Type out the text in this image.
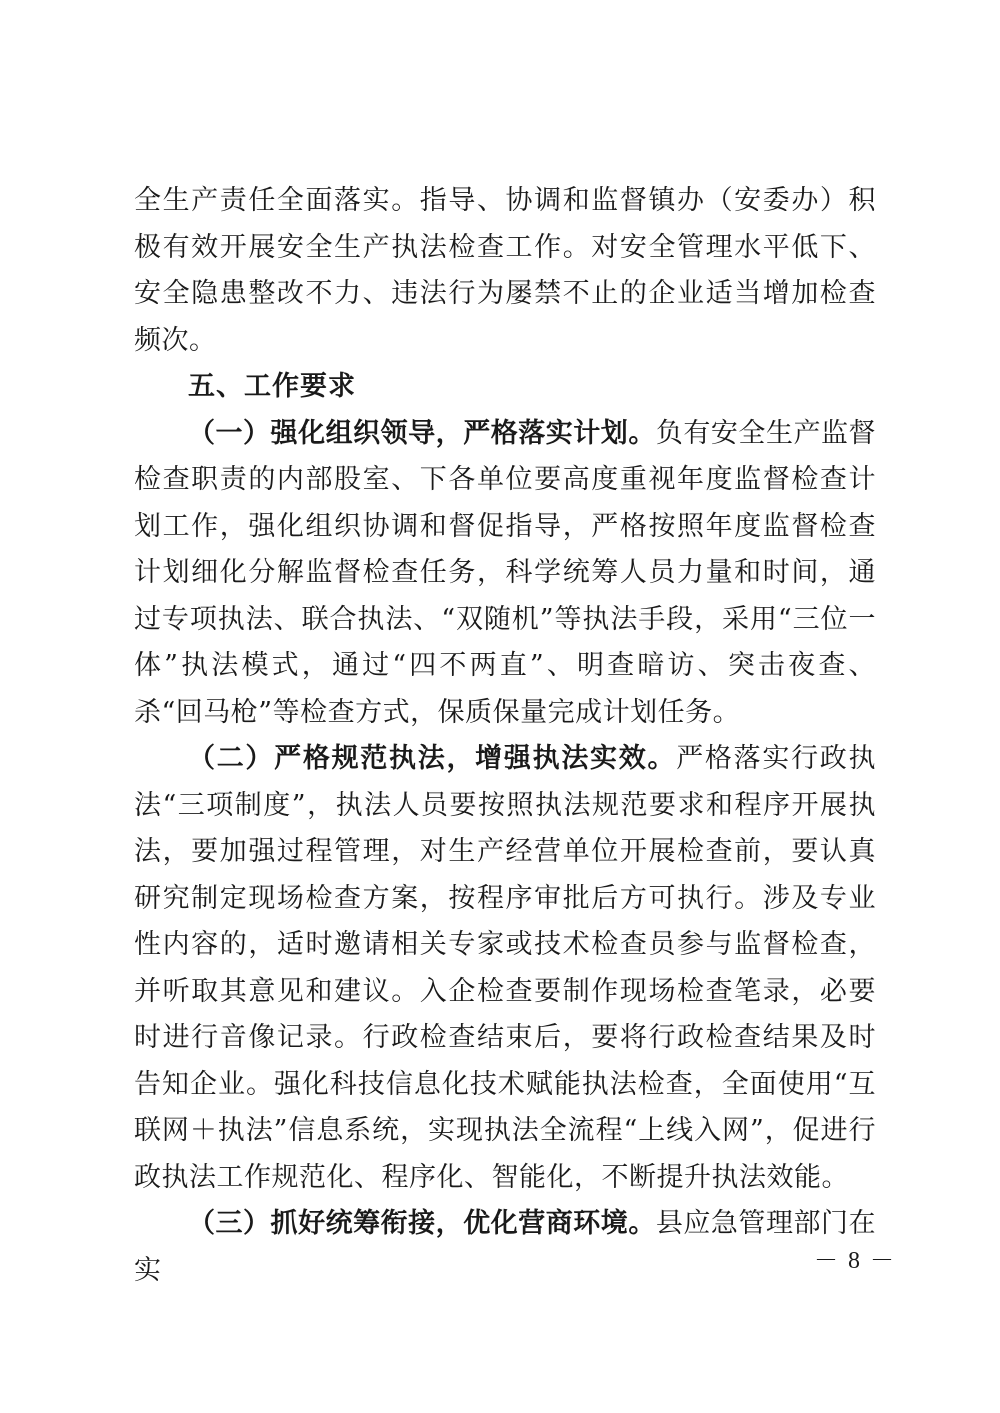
全生产责任全面落实。指导、协调和监督镇办（安委办）积极有效开展安全生产执法检查工作。对安全管理水平低下、安全隐患整改不力、违法行为屡禁不止的企业适当增加检查频次。

五、工作要求

（一）强化组织领导，严格落实计划。负有安全生产监督检查职责的内部股室、下各单位要高度重视年度监督检查计划工作，强化组织协调和督促指导，严格按照年度监督检查计划细化分解监督检查任务，科学统筹人员力量和时间，通过专项执法、联合执法、“双随机”等执法手段，采用“三位一体”执法模式，通过“四不两直”、明查暗访、突击夜查、杀“回马枪”等检查方式，保质保量完成计划任务。

（二）严格规范执法，增强执法实效。严格落实行政执法“三项制度”，执法人员要按照执法规范要求和程序开展执法，要加强过程管理，对生产经营单位开展检查前，要认真研究制定现场检查方案，按程序审批后方可执行。涉及专业性内容的，适时邀请相关专家或技术检查员参与监督检查，并听取其意见和建议。入企检查要制作现场检查笔录，必要时进行音像记录。行政检查结束后，要将行政检查结果及时告知企业。强化科技信息化技术赋能执法检查，全面使用“互联网＋执法”信息系统，实现执法全流程“上线入网”，促进行政执法工作规范化、程序化、智能化，不断提升执法效能。

（三）抓好统筹衔接，优化营商环境。县应急管理部门在实	－ 8 －
